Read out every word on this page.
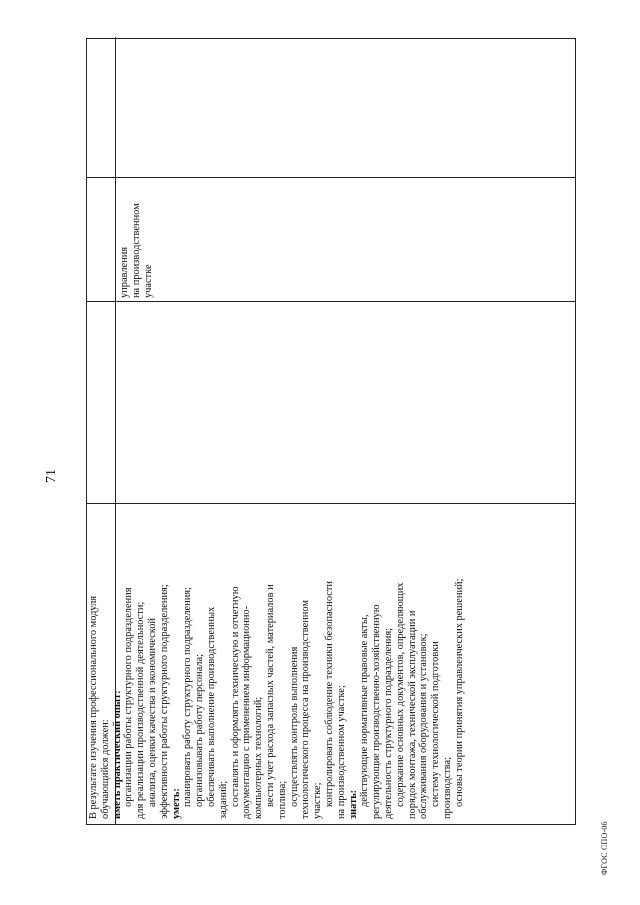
71
В результате изучения профессионального модуля обучающийся должен: иметь практический опыт: организации работы структурного подразделения для реализации производственной деятельности; анализа, оценки качества и экономической эффективности работы структурного подразделения; уметь: планировать работу структурного подразделения; организовывать работу персонала; обеспечивать выполнение производственных заданий; составлять и оформлять техническую и отчетную документацию с применением информационно- компьютерных технологий; вести учет расхода запасных частей, материалов и топлива; осуществлять контроль выполнения технологического процесса на производственном участке; контролировать соблюдение техники безопасности на производственном участке; знать: действующие нормативные правовые акты, регулирующие производственно-хозяйственную деятельность структурного подразделения; содержание основных документов, определяющих порядок монтажа, технической эксплуатации и обслуживания оборудования и установок; систему технологической подготовки производства; основы теории принятия управленческих решений;
управления на производственном участке
ФГОС СПО-06
